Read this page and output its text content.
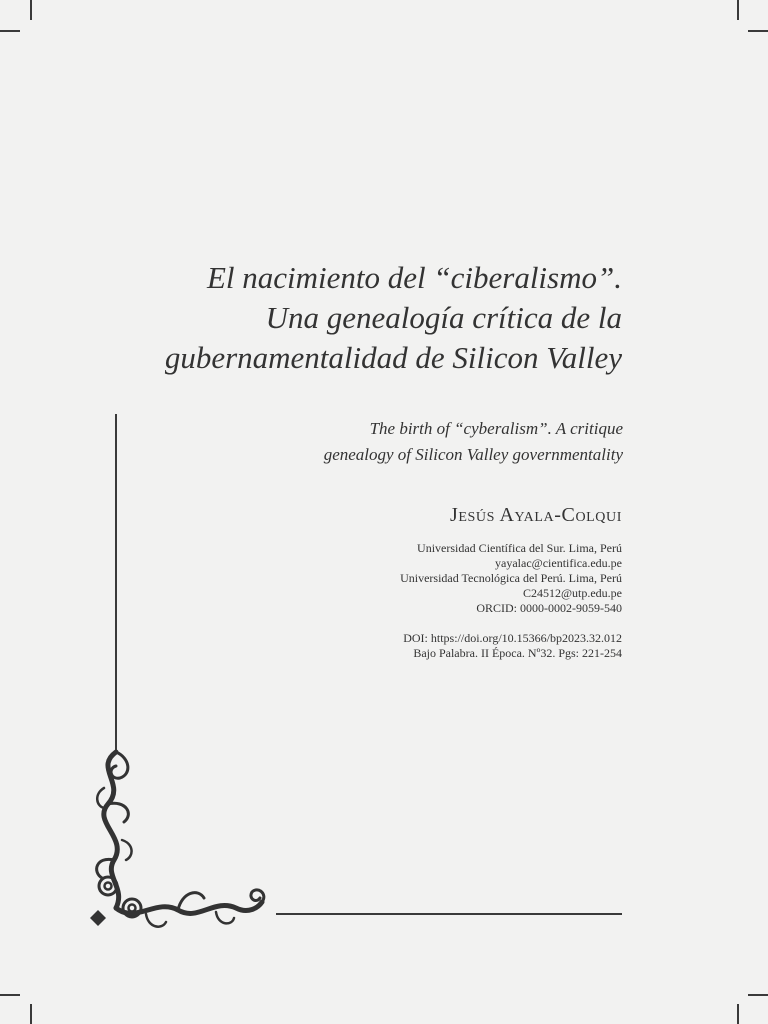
El nacimiento del “ciberalismo”.
Una genealogía crítica de la
gubernamentalidad de Silicon Valley
The birth of “cyberalism”. A critique
genealogy of Silicon Valley governmentality
Jesús Ayala-Colqui
Universidad Científica del Sur. Lima, Perú
yayalac@cientifica.edu.pe
Universidad Tecnológica del Perú. Lima, Perú
C24512@utp.edu.pe
ORCID: 0000-0002-9059-540
DOI: https://doi.org/10.15366/bp2023.32.012
Bajo Palabra. II Época. Nº32. Pgs: 221-254
